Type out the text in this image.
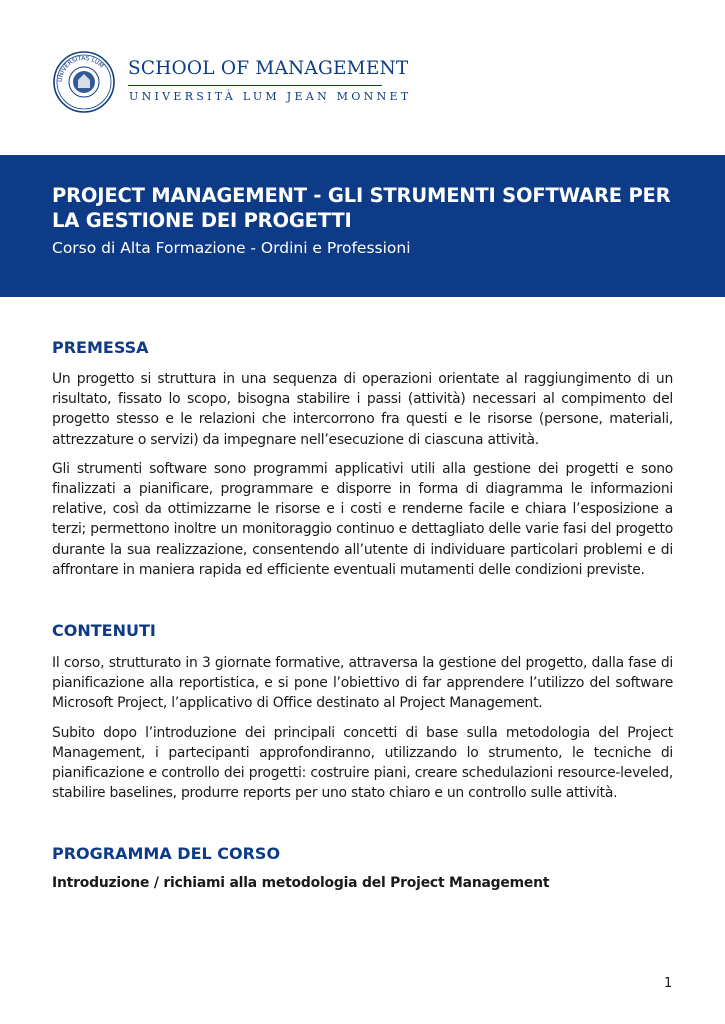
UNIVERSITAS LUM SCHOOL OF MANAGEMENT
UNIVERSITÀ LUM JEAN MONNET
PROJECT MANAGEMENT - GLI STRUMENTI SOFTWARE PER LA GESTIONE DEI PROGETTI
Corso di Alta Formazione - Ordini e Professioni
PREMESSA

Un progetto si struttura in una sequenza di operazioni orientate al raggiungimento di un risultato, fissato lo scopo, bisogna stabilire i passi (attività) necessari al compimento del progetto stesso e le relazioni che intercorrono fra questi e le risorse (persone, materiali, attrezzature o servizi) da impegnare nell’esecuzione di ciascuna attività.

Gli strumenti software sono programmi applicativi utili alla gestione dei progetti e sono finalizzati a pianificare, programmare e disporre in forma di diagramma le informazioni relative, così da ottimizzarne le risorse e i costi e renderne facile e chiara l’esposizione a terzi; permettono inoltre un monitoraggio continuo e dettagliato delle varie fasi del progetto durante la sua realizzazione, consentendo all’utente di individuare particolari problemi e di affrontare in maniera rapida ed efficiente eventuali mutamenti delle condizioni previste.

CONTENUTI

Il corso, strutturato in 3 giornate formative, attraversa la gestione del progetto, dalla fase di pianificazione alla reportistica, e si pone l’obiettivo di far apprendere l’utilizzo del software Microsoft Project, l’applicativo di Office destinato al Project Management.

Subito dopo l’introduzione dei principali concetti di base sulla metodologia del Project Management, i partecipanti approfondiranno, utilizzando lo strumento, le tecniche di pianificazione e controllo dei progetti: costruire piani, creare schedulazioni resource-leveled, stabilire baselines, produrre reports per uno stato chiaro e un controllo sulle attività.

PROGRAMMA DEL CORSO
Introduzione / richiami alla metodologia del Project Management
1
